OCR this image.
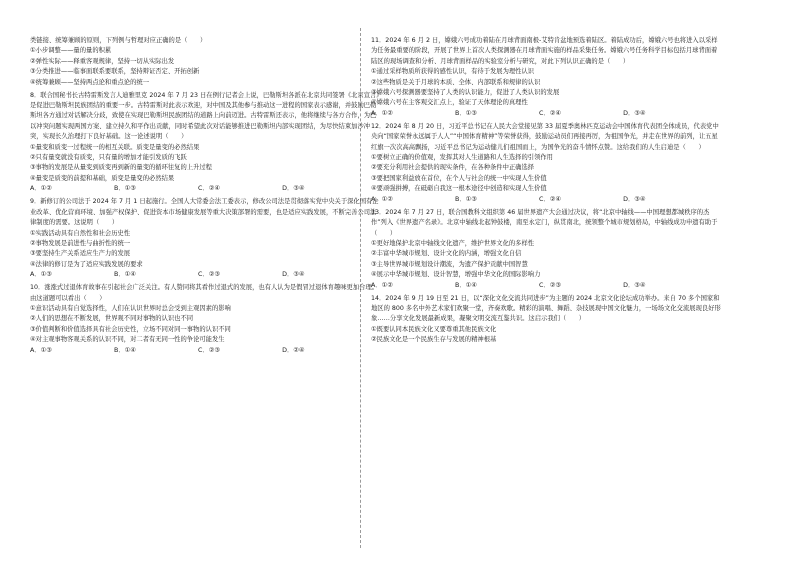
类链接、统筹兼顾的原则，下列例与哲理对应正确的是（　　）
①小步调整——量的量的积累
②弹性实际——释重客观规律，坚持一切从实际出发
③分类推进——临事面联系要联系，坚持辩证否定、开拓创新
④统筹兼顾——坚持两点论和重点论的统一
8．联合国秘书长古特雷斯发言人迪雅里克 2024 年 7 月 23 日在例行记者会上说，巴勒斯坦各派在北京共同签署《北京宣言》是促进巴勒斯坦民族团结的重要一步。古特雷斯对此表示欢迎，对中国及其他参与推动这一进程的国家表示感谢，并鼓励巴勒斯坦各方通过对话解决分歧，致使在实现巴勒斯坦民族团结的道路上向前迈进。古特雷斯还表示，他将继续与各方合作，为巴以冲突问题实现两国方案、建立持久和平作出贡献，同时希望此次对话能够推进巴勒斯坦内部实现团结，为尽快结束加沙冲突，实现长久治理打下良好基础。这一论述说明（　　）
①量变和质变一过程统一的相互关联。质变是量变的必然结果
②只有量变就没有质变，只有量的增加才能引发质的飞跃
③事物的发展是从量变到质变再到新的量变的循环往复的上升过程
④量变是质变的前提和基础，质变是量变的必然结果
A．①②	B．①③	C．②④	D．③④
9．新修订的公司法于 2024 年 7 月 1 日起施行。全国人大常委会法工委表示，修改公司法是贯彻落实党中央关于深化国有企业改革、优化营商环境、加强产权保护、促进资本市场健康发展等重大决策部署的需要，也是适应实践发展，不断完善公司法律制度的需要。这说明（　　）
①实践活动具有自然性和社会历史性
②事物发展是前进性与曲折性的统一
③要坚持生产关系适应生产力的发展
④法律的修订是为了适应实践发展的要求
A．①③	B．①④	C．②③	D．③④
10．涨涨式过退体育故事在引起社会广泛关注。有人赞同将其看作过退式的发展，也有人认为是假冒过退体育趣味更加合理。由这道题可以看出（　　）
①意识活动具有自觉选择性，人们在认识世界时总会受到主观因素的影响
②人们的思想在不断发展，世界观不同对事物的认识也不同
③价值判断和价值选择具有社会历史性，立场不同对同一事物的认识不同
④对主观事物客观关系的认识不同，对二者有无同一性的争论可能发生
A．①③	B．①④	C．②③	D．②④
11．2024 年 6 月 2 日，嫦娥六号成功着陆在月球背面南极-艾特肯盆地预选着陆区。着陆成功后，嫦娥六号也将进入以采样为任务最重要的阶段，开展了世界上首次人类探测器在月球背面实施的样品采集任务。嫦娥六号任务科学目标包括月球背面着陆区的现场调查和分析、月球背面样品的实验室分析与研究，对此下列认识正确的是（　　）
①通过采样物质所获得的感性认识，有待于发展为理性认识
②这些物质是关于月球的本质、全体、内部联系和规律的认识
③嫦娥六号探测器要坚持了人类的认识能力，促进了人类认识的发展
④嫦娥六号在主客观交汇点上，验证了天体理论的真理性
A．①②	B．①③	C．②④	D．③④
12．2024 年 8 月 20 日，习近平总书记在人民大会堂接见第 33 届夏季奥林匹克运动会中国体育代表团全体成员，代表党中央向“国家荣誉永远属于人人”“中国体育精神”等荣誉获得，鼓励运动员们再接再厉，为祖国争光，并走在世界的前列，让五星红旗一次次高高飘扬，习近平总书记为运动健儿们祖国而上，为国争光的奋斗情怀点赞。这给我们的人生启迪是（　　）
①要树立正确的价值观，发挥其对人生道路和人生选择的引领作用
②要充分利用社会提供的现实条件，在各种条件中正确选择
③要把国家利益放在首位，在个人与社会的统一中实现人生价值
④要顽强拼搏，在砥砺自我这一根本途径中创造和实现人生价值
A．①②	B．①③	C．②④	D．③④
13．2024 年 7 月 27 日，联合国教科文组织第 46 届世界遗产大会通过决议，将“北京中轴线——中国理想都城秩序的杰作”列入《世界遗产名录》。北京中轴线北起钟鼓楼，南至永定门，纵贯南北，统领整个城市规划格局，中轴线成功申遗有助于（　　）
①更好地保护北京中轴线文化遗产，维护世界文化的多样性
②丰富中华城市规划、设计文化的内涵，增强文化自信
③主导世界城市规划设计潮流，为遗产保护贡献中国智慧
④展示中华城市规划、设计智慧，增强中华文化的国际影响力
A．①②	B．①④	C．②③	D．③④
14．2024 年 9 月 19 日至 21 日，以“深化文化交流共同进步”为主题的 2024 北京文化论坛成功举办。来自 70 多个国家和地区的 800 多名中外艺术家们欢聚一堂，齐奏欢歌。精彩的演唱、舞蹈、杂技展现中国文化魅力，一场场文化交流展现良好形象……分享文化发展最新成果，凝聚文明交流互鉴共识。这启示我们（　　）
①既要认同本民族文化又要尊重其他民族文化
②民族文化是一个民族生存与发展的精神根基
